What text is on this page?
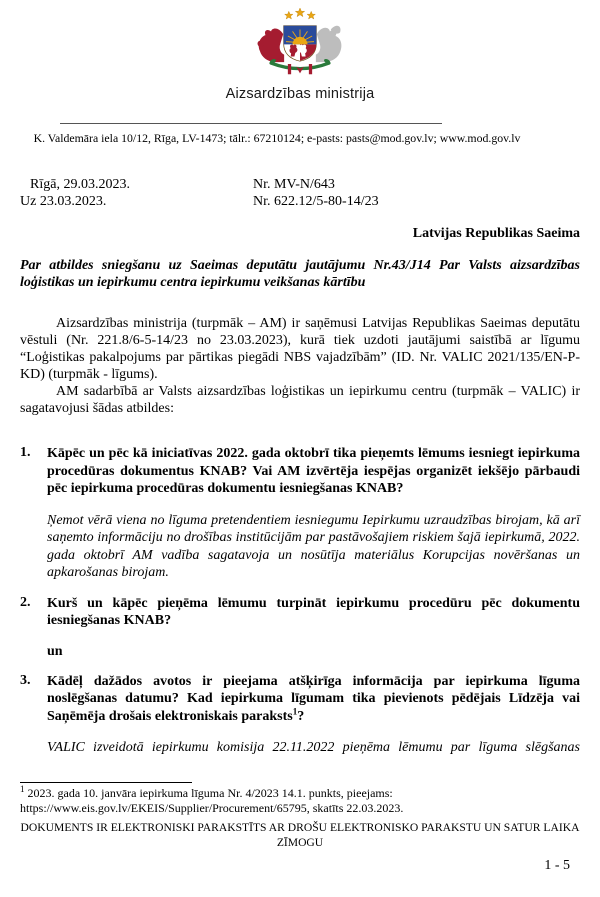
Aizsardzības ministrija
K. Valdemāra iela 10/12, Rīga, LV-1473; tālr.: 67210124; e-pasts: pasts@mod.gov.lv; www.mod.gov.lv
Rīgā, 29.03.2023.	Nr. MV-N/643
Uz 23.03.2023.	Nr. 622.12/5-80-14/23
Latvijas Republikas Saeima
Par atbildes sniegšanu uz Saeimas deputātu jautājumu Nr.43/J14 Par Valsts aizsardzības loģistikas un iepirkumu centra iepirkumu veikšanas kārtību

Aizsardzības ministrija (turpmāk – AM) ir saņēmusi Latvijas Republikas Saeimas deputātu vēstuli (Nr. 221.8/6-5-14/23 no 23.03.2023), kurā tiek uzdoti jautājumi saistībā ar līgumu “Loģistikas pakalpojums par pārtikas piegādi NBS vajadzībām” (ID. Nr. VALIC 2021/135/EN-P-KD) (turpmāk - līgums).

AM sadarbībā ar Valsts aizsardzības loģistikas un iepirkumu centru (turpmāk – VALIC) ir sagatavojusi šādas atbildes:

1. Kāpēc un pēc kā iniciatīvas 2022. gada oktobrī tika pieņemts lēmums iesniegt iepirkuma procedūras dokumentus KNAB? Vai AM izvērtēja iespējas organizēt iekšējo pārbaudi pēc iepirkuma procedūras dokumentu iesniegšanas KNAB?
Ņemot vērā viena no līguma pretendentiem iesniegumu Iepirkumu uzraudzības birojam, kā arī saņemto informāciju no drošības institūcijām par pastāvošajiem riskiem šajā iepirkumā, 2022. gada oktobrī AM vadība sagatavoja un nosūtīja materiālus Korupcijas novēršanas un apkarošanas birojam.
2. Kurš un kāpēc pieņēma lēmumu turpināt iepirkumu procedūru pēc dokumentu iesniegšanas KNAB?
un
3. Kādēļ dažādos avotos ir pieejama atšķirīga informācija par iepirkuma līguma noslēgšanas datumu? Kad iepirkuma līgumam tika pievienots pēdējais Līdzēja vai Saņēmēja drošais elektroniskais paraksts$^1$?
VALIC izveidotā iepirkumu komisija 22.11.2022 pieņēma lēmumu par līguma slēgšanas
$^1$ 2023. gada 10. janvāra iepirkuma līguma Nr. 4/2023 14.1. punkts, pieejams:
https://www.eis.gov.lv/EKEIS/Supplier/Procurement/65795, skatīts 22.03.2023.
DOKUMENTS IR ELEKTRONISKI PARAKSTĪTS AR DROŠU ELEKTRONISKO PARAKSTU UN SATUR LAIKA ZĪMOGU
1 - 5
